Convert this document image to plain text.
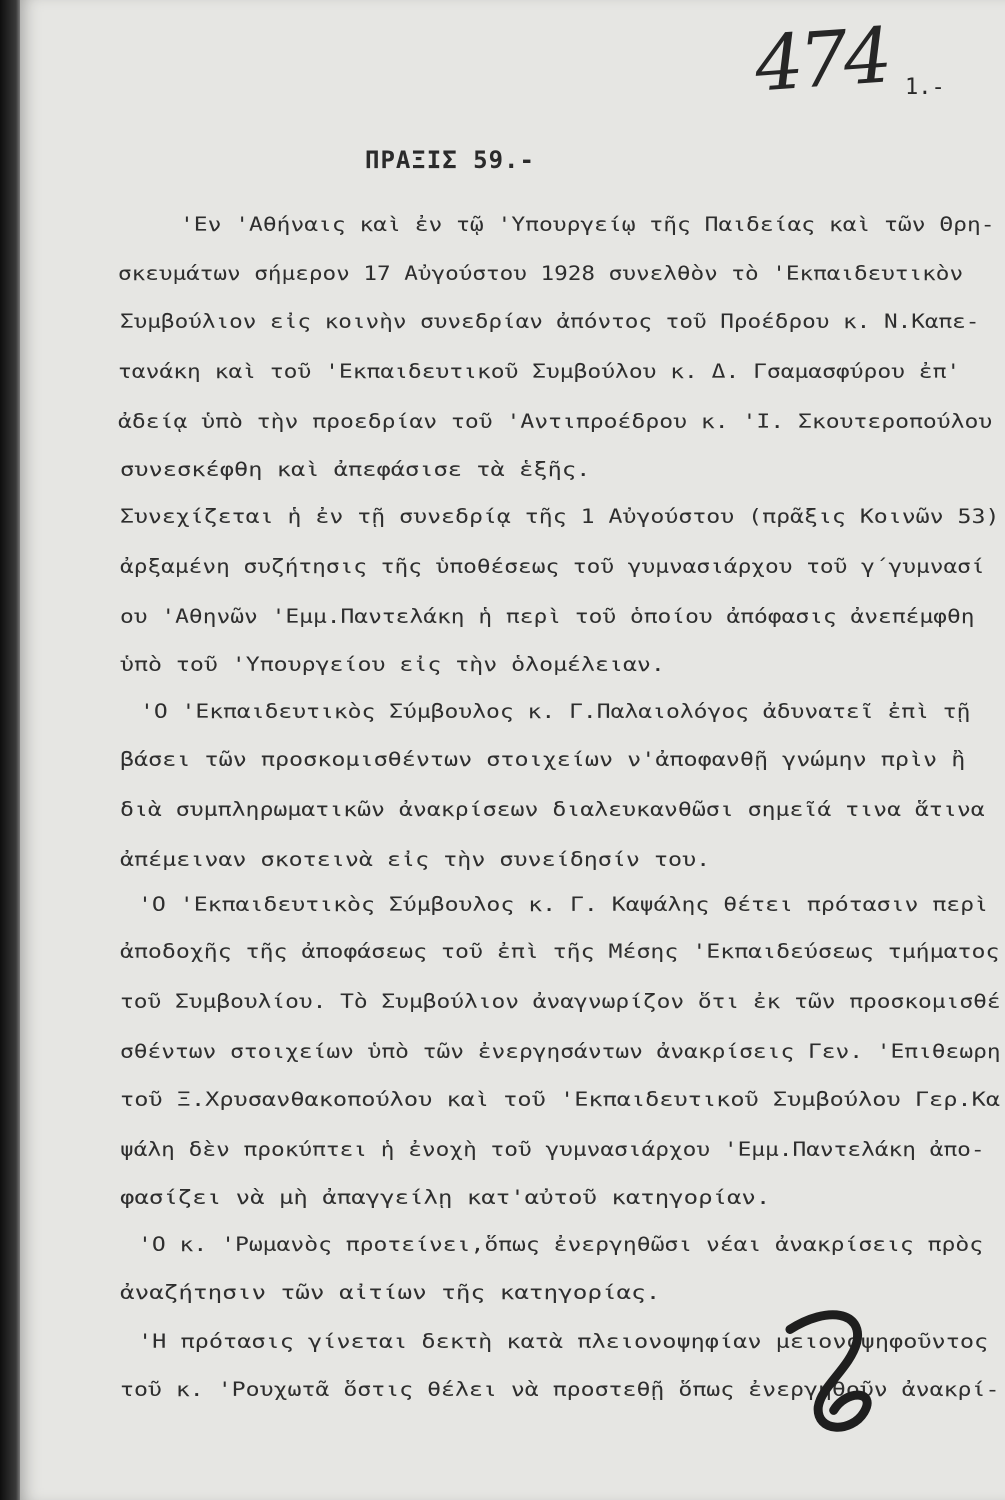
474 1.-
ΠΡΑΞΙΣ 59.-
'Εν 'Αθήναις καὶ ἐν τῷ 'Υπουργείῳ τῆς Παιδείας καὶ τῶν Θρη-
σκευμάτων σήμερον 17 Αὐγούστου 1928 συνελθὸν τὸ 'Εκπαιδευτικὸν
Συμβούλιον εἰς κοινὴν συνεδρίαν ἀπόντος τοῦ Προέδρου κ. Ν.Καπε-
τανάκη καὶ τοῦ 'Εκπαιδευτικοῦ Συμβούλου κ. Δ. Γσαμασφύρου ἐπ'
ἀδείᾳ ὑπὸ τὴν προεδρίαν τοῦ 'Αντιπροέδρου κ. 'Ι. Σκουτεροπούλου
συνεσκέφθη καὶ ἀπεφάσισε τὰ ἑξῆς.
Συνεχίζεται ἡ ἐν τῇ συνεδρίᾳ τῆς 1 Αὐγούστου (πρᾶξις Κοινῶν 53)
ἀρξαμένη συζήτησις τῆς ὑποθέσεως τοῦ γυμνασιάρχου τοῦ γ΄γυμνασί
ου 'Αθηνῶν 'Εμμ.Παντελάκη ἡ περὶ τοῦ ὁποίου ἀπόφασις ἀνεπέμφθη
ὑπὸ τοῦ 'Υπουργείου εἰς τὴν ὁλομέλειαν.
'Ο 'Εκπαιδευτικὸς Σύμβουλος κ. Γ.Παλαιολόγος ἀδυνατεῖ ἐπὶ τῇ
βάσει τῶν προσκομισθέντων στοιχείων ν'ἀποφανθῇ γνώμην πρὶν ἢ
διὰ συμπληρωματικῶν ἀνακρίσεων διαλευκανθῶσι σημεῖά τινα ἅτινα
ἀπέμειναν σκοτεινὰ εἰς τὴν συνείδησίν του.
'Ο 'Εκπαιδευτικὸς Σύμβουλος κ. Γ. Καψάλης θέτει πρότασιν περὶ
ἀποδοχῆς τῆς ἀποφάσεως τοῦ ἐπὶ τῆς Μέσης 'Εκπαιδεύσεως τμήματος
τοῦ Συμβουλίου. Τὸ Συμβούλιον ἀναγνωρίζον ὅτι ἐκ τῶν προσκομισθέ
σθέντων στοιχείων ὑπὸ τῶν ἐνεργησάντων ἀνακρίσεις Γεν. 'Επιθεωρη
τοῦ Ξ.Χρυσανθακοπούλου καὶ τοῦ 'Εκπαιδευτικοῦ Συμβούλου Γερ.Κα
ψάλη δὲν προκύπτει ἡ ἐνοχὴ τοῦ γυμνασιάρχου 'Εμμ.Παντελάκη ἀπο-
φασίζει νὰ μὴ ἀπαγγείλῃ κατ'αὐτοῦ κατηγορίαν.
'Ο κ. 'Ρωμανὸς προτείνει,ὅπως ἐνεργηθῶσι νέαι ἀνακρίσεις πρὸς
ἀναζήτησιν τῶν αἰτίων τῆς κατηγορίας.
'Η πρότασις γίνεται δεκτὴ κατὰ πλειονοψηφίαν μειονοψηφοῦντος
τοῦ κ. 'Ρουχωτᾶ ὅστις θέλει νὰ προστεθῇ ὅπως ἐνεργηθοῦν ἀνακρί-
